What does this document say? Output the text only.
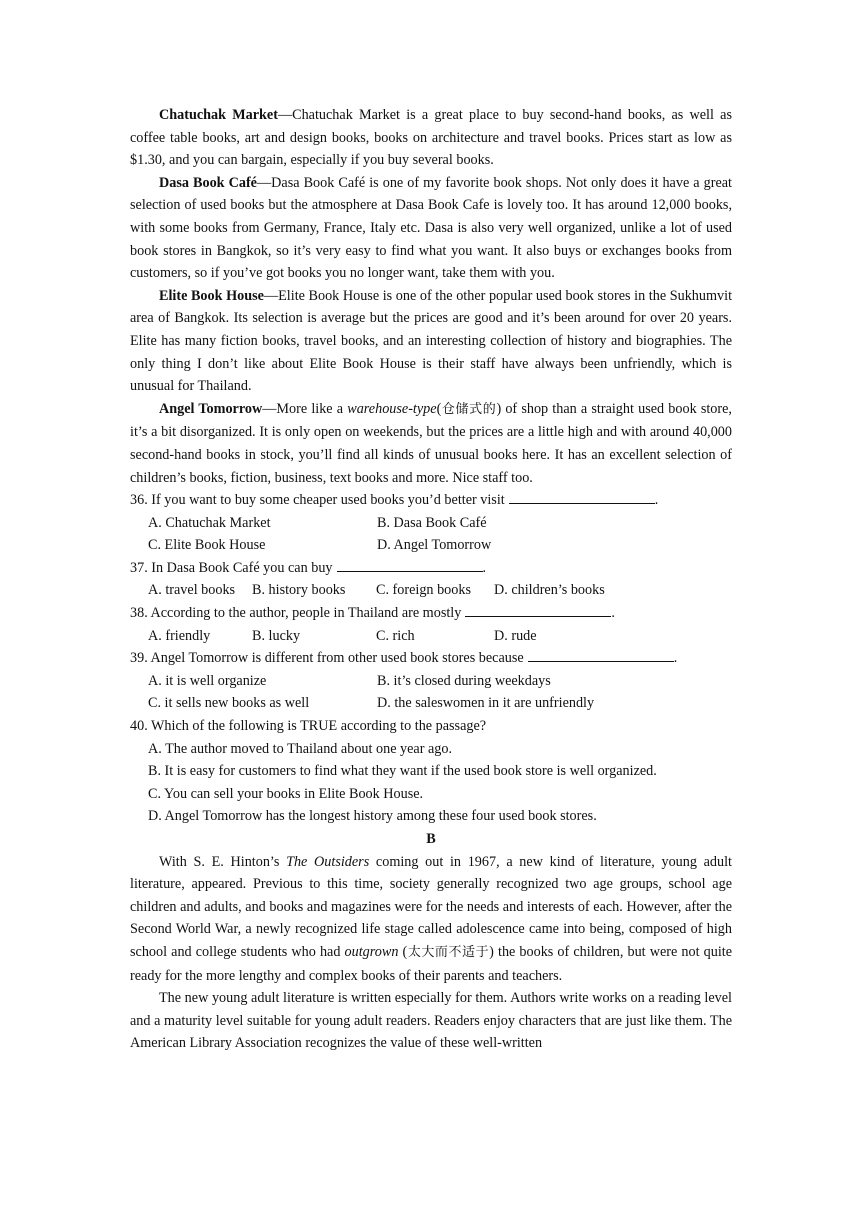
Chatuchak Market—Chatuchak Market is a great place to buy second-hand books, as well as coffee table books, art and design books, books on architecture and travel books. Prices start as low as $1.30, and you can bargain, especially if you buy several books.

Dasa Book Café—Dasa Book Café is one of my favorite book shops. Not only does it have a great selection of used books but the atmosphere at Dasa Book Cafe is lovely too. It has around 12,000 books, with some books from Germany, France, Italy etc. Dasa is also very well organized, unlike a lot of used book stores in Bangkok, so it’s very easy to find what you want. It also buys or exchanges books from customers, so if you’ve got books you no longer want, take them with you.

Elite Book House—Elite Book House is one of the other popular used book stores in the Sukhumvit area of Bangkok. Its selection is average but the prices are good and it’s been around for over 20 years. Elite has many fiction books, travel books, and an interesting collection of history and biographies. The only thing I don’t like about Elite Book House is their staff have always been unfriendly, which is unusual for Thailand.

Angel Tomorrow—More like a warehouse-type(仓储式的) of shop than a straight used book store, it’s a bit disorganized. It is only open on weekends, but the prices are a little high and with around 40,000 second-hand books in stock, you’ll find all kinds of unusual books here. It has an excellent selection of children’s books, fiction, business, text books and more. Nice staff too.

36. If you want to buy some cheaper used books you’d better visit	.

A. Chatuchak Market	B. Dasa Book Café
C. Elite Book House	D. Angel Tomorrow

37. In Dasa Book Café you can buy	.

A. travel books	B. history books	C. foreign books	D. children’s books

38. According to the author, people in Thailand are mostly	.

A. friendly	B. lucky	C. rich	D. rude

39. Angel Tomorrow is different from other used book stores because	.

A. it is well organize	B. it’s closed during weekdays
C. it sells new books as well	D. the saleswomen in it are unfriendly

40. Which of the following is TRUE according to the passage?

A. The author moved to Thailand about one year ago.

B. It is easy for customers to find what they want if the used book store is well organized.

C. You can sell your books in Elite Book House.

D. Angel Tomorrow has the longest history among these four used book stores.

B

With S. E. Hinton’s The Outsiders coming out in 1967, a new kind of literature, young adult literature, appeared. Previous to this time, society generally recognized two age groups, school age children and adults, and books and magazines were for the needs and interests of each. However, after the Second World War, a newly recognized life stage called adolescence came into being, composed of high school and college students who had outgrown (太大而不适于) the books of children, but were not quite ready for the more lengthy and complex books of their parents and teachers.

The new young adult literature is written especially for them. Authors write works on a reading level and a maturity level suitable for young adult readers. Readers enjoy characters that are just like them. The American Library Association recognizes the value of these well-written
